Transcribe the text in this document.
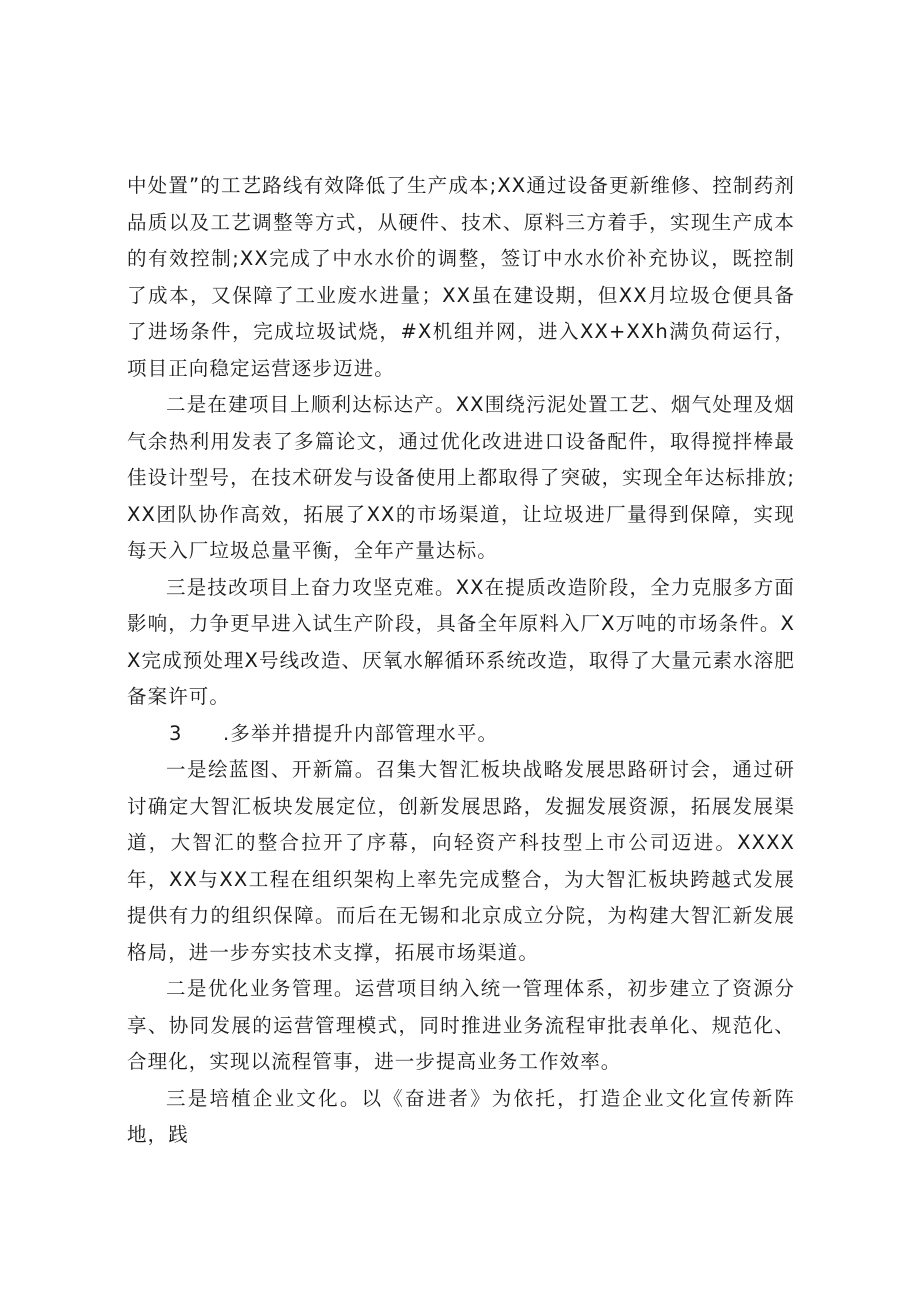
中处置”的工艺路线有效降低了生产成本;XX通过设备更新维修、控制药剂品质以及工艺调整等方式，从硬件、技术、原料三方着手，实现生产成本的有效控制;XX完成了中水水价的调整，签订中水水价补充协议，既控制了成本，又保障了工业废水进量；XX虽在建设期，但XX月垃圾仓便具备了进场条件，完成垃圾试烧，#X机组并网，进入XX+XXh满负荷运行，项目正向稳定运营逐步迈进。

二是在建项目上顺利达标达产。XX围绕污泥处置工艺、烟气处理及烟气余热利用发表了多篇论文，通过优化改进进口设备配件，取得搅拌棒最佳设计型号，在技术研发与设备使用上都取得了突破，实现全年达标排放;XX团队协作高效，拓展了XX的市场渠道，让垃圾进厂量得到保障，实现每天入厂垃圾总量平衡，全年产量达标。

三是技改项目上奋力攻坚克难。XX在提质改造阶段，全力克服多方面影响，力争更早进入试生产阶段，具备全年原料入厂X万吨的市场条件。XX完成预处理X号线改造、厌氧水解循环系统改造，取得了大量元素水溶肥备案许可。

3 .多举并措提升内部管理水平。

一是绘蓝图、开新篇。召集大智汇板块战略发展思路研讨会，通过研讨确定大智汇板块发展定位，创新发展思路，发掘发展资源，拓展发展渠道，大智汇的整合拉开了序幕，向轻资产科技型上市公司迈进。XXXX年，XX与XX工程在组织架构上率先完成整合，为大智汇板块跨越式发展提供有力的组织保障。而后在无锡和北京成立分院，为构建大智汇新发展格局，进一步夯实技术支撑，拓展市场渠道。

二是优化业务管理。运营项目纳入统一管理体系，初步建立了资源分享、协同发展的运营管理模式，同时推进业务流程审批表单化、规范化、合理化，实现以流程管事，进一步提高业务工作效率。

三是培植企业文化。以《奋进者》为依托，打造企业文化宣传新阵地，践
